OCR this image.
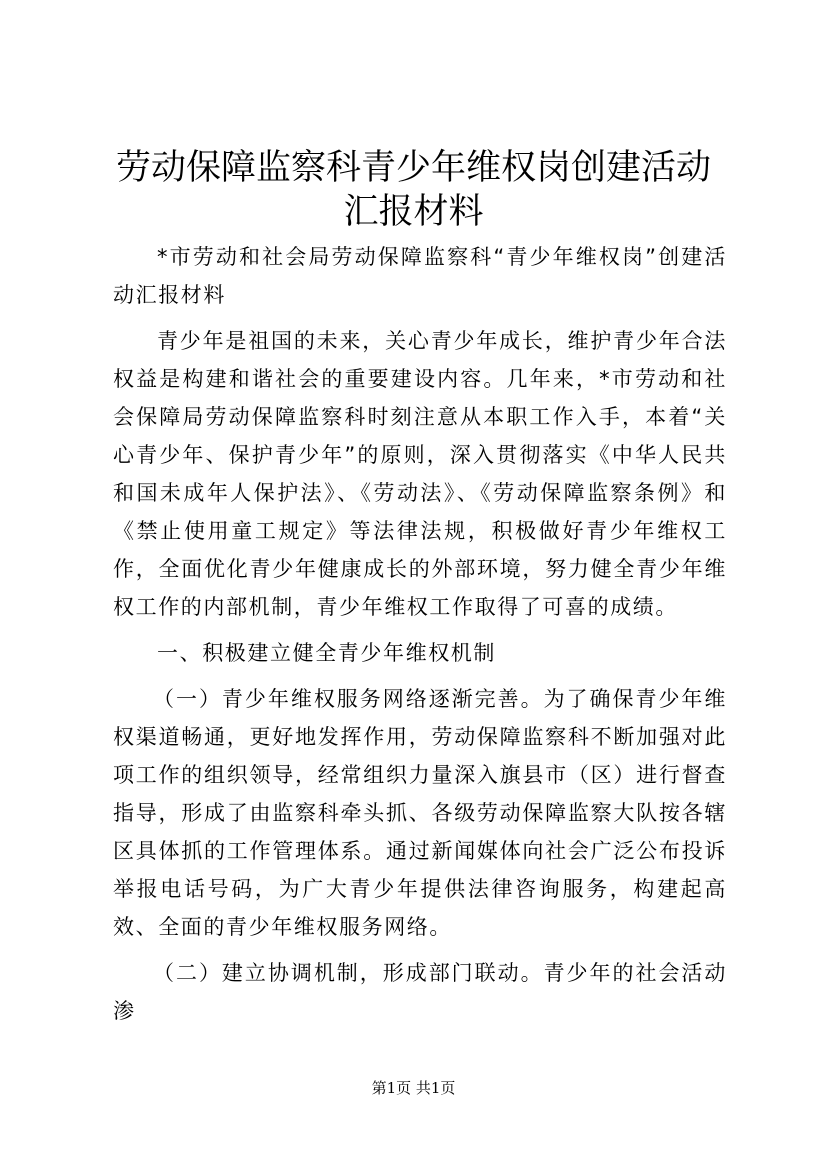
劳动保障监察科青少年维权岗创建活动汇报材料

*市劳动和社会局劳动保障监察科“青少年维权岗”创建活动汇报材料

青少年是祖国的未来，关心青少年成长，维护青少年合法权益是构建和谐社会的重要建设内容。几年来，*市劳动和社会保障局劳动保障监察科时刻注意从本职工作入手，本着“关心青少年、保护青少年”的原则，深入贯彻落实《中华人民共和国未成年人保护法》、《劳动法》、《劳动保障监察条例》和《禁止使用童工规定》等法律法规，积极做好青少年维权工作，全面优化青少年健康成长的外部环境，努力健全青少年维权工作的内部机制，青少年维权工作取得了可喜的成绩。

一、积极建立健全青少年维权机制

（一）青少年维权服务网络逐渐完善。为了确保青少年维权渠道畅通，更好地发挥作用，劳动保障监察科不断加强对此项工作的组织领导，经常组织力量深入旗县市（区）进行督查指导，形成了由监察科牵头抓、各级劳动保障监察大队按各辖区具体抓的工作管理体系。通过新闻媒体向社会广泛公布投诉举报电话号码，为广大青少年提供法律咨询服务，构建起高效、全面的青少年维权服务网络。

（二）建立协调机制，形成部门联动。青少年的社会活动渗

第1页 共1页
